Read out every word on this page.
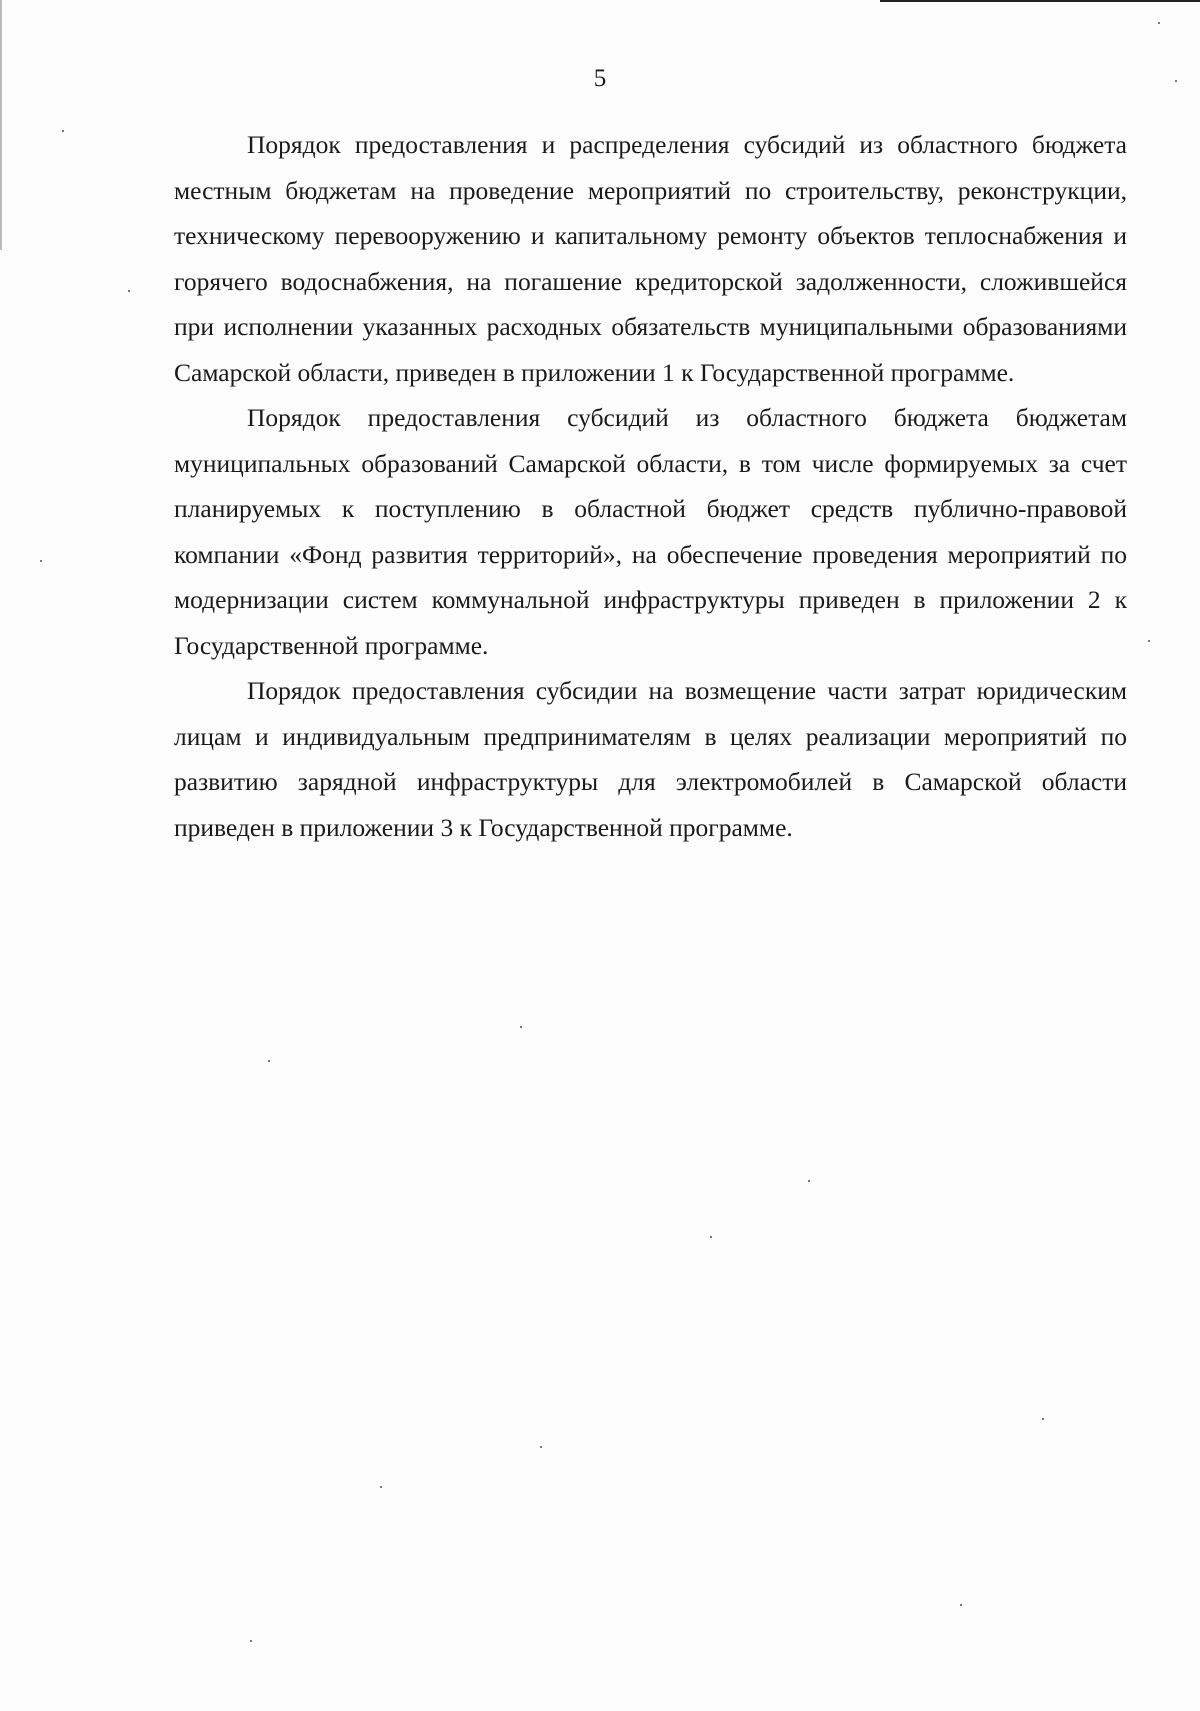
5

Порядок предоставления и распределения субсидий из областного бюджета местным бюджетам на проведение мероприятий по строительству, реконструкции, техническому перевооружению и капитальному ремонту объектов теплоснабжения и горячего водоснабжения, на погашение кредиторской задолженности, сложившейся при исполнении указанных расходных обязательств муниципальными образованиями Самарской области, приведен в приложении 1 к Государственной программе.

Порядок предоставления субсидий из областного бюджета бюджетам муниципальных образований Самарской области, в том числе формируемых за счет планируемых к поступлению в областной бюджет средств публично-правовой компании «Фонд развития территорий», на обеспечение проведения мероприятий по модернизации систем коммунальной инфраструктуры приведен в приложении 2 к Государственной программе.

Порядок предоставления субсидии на возмещение части затрат юридическим лицам и индивидуальным предпринимателям в целях реализации мероприятий по развитию зарядной инфраструктуры для электромобилей в Самарской области приведен в приложении 3 к Государственной программе.
